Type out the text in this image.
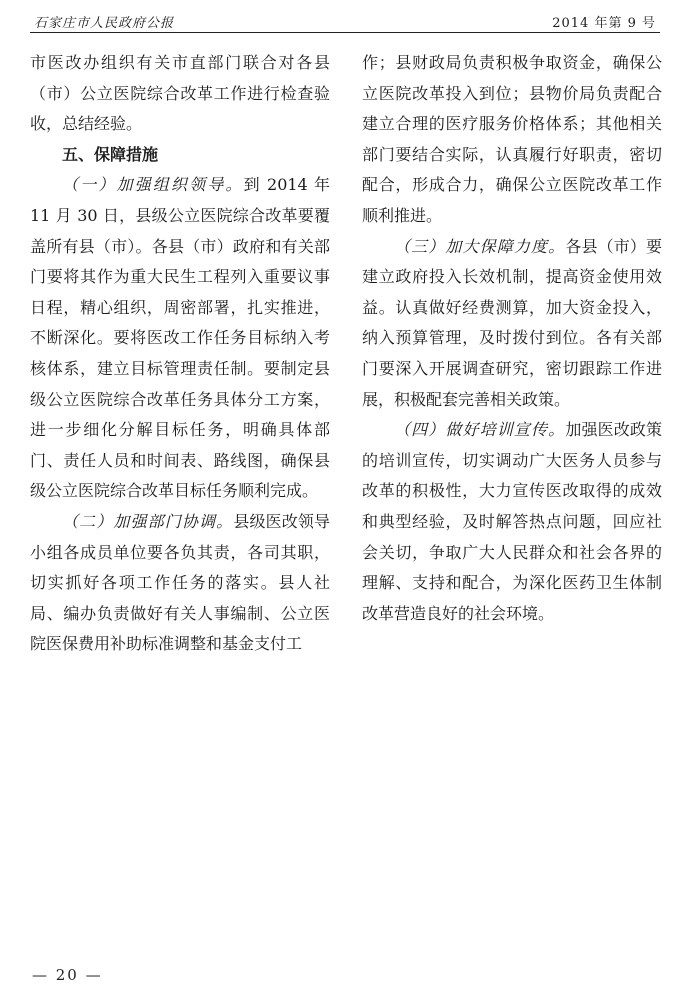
石家庄市人民政府公报	2014 年第 9 号

市医改办组织有关市直部门联合对各县（市）公立医院综合改革工作进行检查验收，总结经验。

五、保障措施

（一）加强组织领导。到 2014 年 11 月 30 日，县级公立医院综合改革要覆盖所有县（市）。各县（市）政府和有关部门要将其作为重大民生工程列入重要议事日程，精心组织，周密部署，扎实推进，不断深化。要将医改工作任务目标纳入考核体系，建立目标管理责任制。要制定县级公立医院综合改革任务具体分工方案，进一步细化分解目标任务，明确具体部门、责任人员和时间表、路线图，确保县级公立医院综合改革目标任务顺利完成。

（二）加强部门协调。县级医改领导小组各成员单位要各负其责，各司其职，切实抓好各项工作任务的落实。县人社局、编办负责做好有关人事编制、公立医院医保费用补助标准调整和基金支付工

作；县财政局负责积极争取资金，确保公立医院改革投入到位；县物价局负责配合建立合理的医疗服务价格体系；其他相关部门要结合实际，认真履行好职责，密切配合，形成合力，确保公立医院改革工作顺利推进。

（三）加大保障力度。各县（市）要建立政府投入长效机制，提高资金使用效益。认真做好经费测算，加大资金投入，纳入预算管理，及时拨付到位。各有关部门要深入开展调查研究，密切跟踪工作进展，积极配套完善相关政策。

（四）做好培训宣传。加强医改政策的培训宣传，切实调动广大医务人员参与改革的积极性，大力宣传医改取得的成效和典型经验，及时解答热点问题，回应社会关切，争取广大人民群众和社会各界的理解、支持和配合，为深化医药卫生体制改革营造良好的社会环境。

— 20 —
